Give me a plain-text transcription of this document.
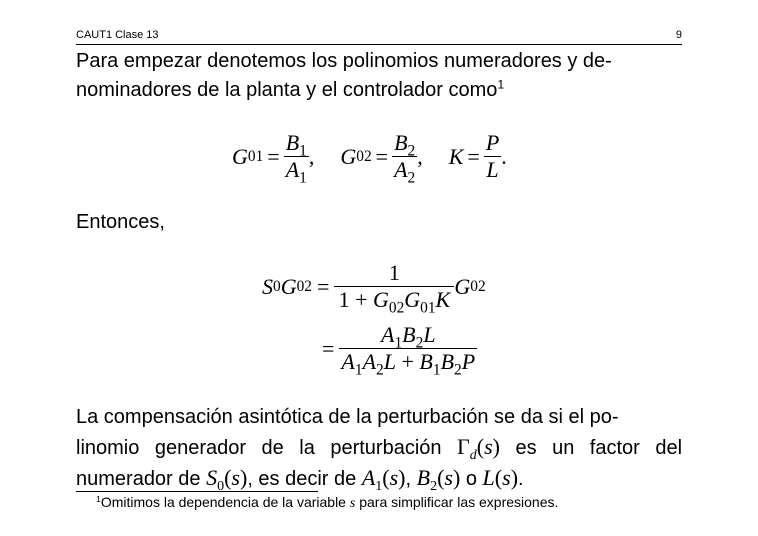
CAUT1 Clase 13	9
Para empezar denotemos los polinomios numeradores y de-
nominadores de la planta y el controlador como$^1$
G $01 = \frac{B_1}{A_1}$ , G $02 = \frac{B_2}{A_2}$ , $K = \frac{P}{L}$ .
Entonces,
S 0 G $02 = \frac{1}{1 + G_{02}G_{01}K}$ G 02
= $\frac{A_1B_2L}{A_1A_2L + B_1B_2P}$
La compensación asintótica de la perturbación se da si el po-
linomio generador de la perturbación $\Gamma_d(s)$ es un factor del
numerador de $S_0(s)$, es decir de $A_1(s)$, $B_2(s)$ o L(s).
$^1$Omitimos la dependencia de la variable s para simplificar las expresiones.
